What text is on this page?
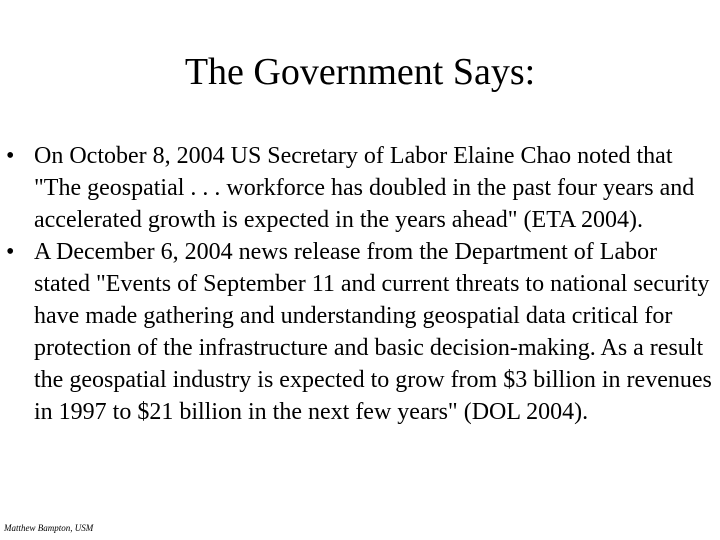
The Government Says:
• On October 8, 2004 US Secretary of Labor Elaine Chao noted that "The geospatial . . . workforce has doubled in the past four years and accelerated growth is expected in the years ahead" (ETA 2004).
• A December 6, 2004 news release from the Department of Labor stated "Events of September 11 and current threats to national security have made gathering and understanding geospatial data critical for protection of the infrastructure and basic decision-making. As a result the geospatial industry is expected to grow from $3 billion in revenues in 1997 to $21 billion in the next few years" (DOL 2004).
Matthew Bampton, USM
